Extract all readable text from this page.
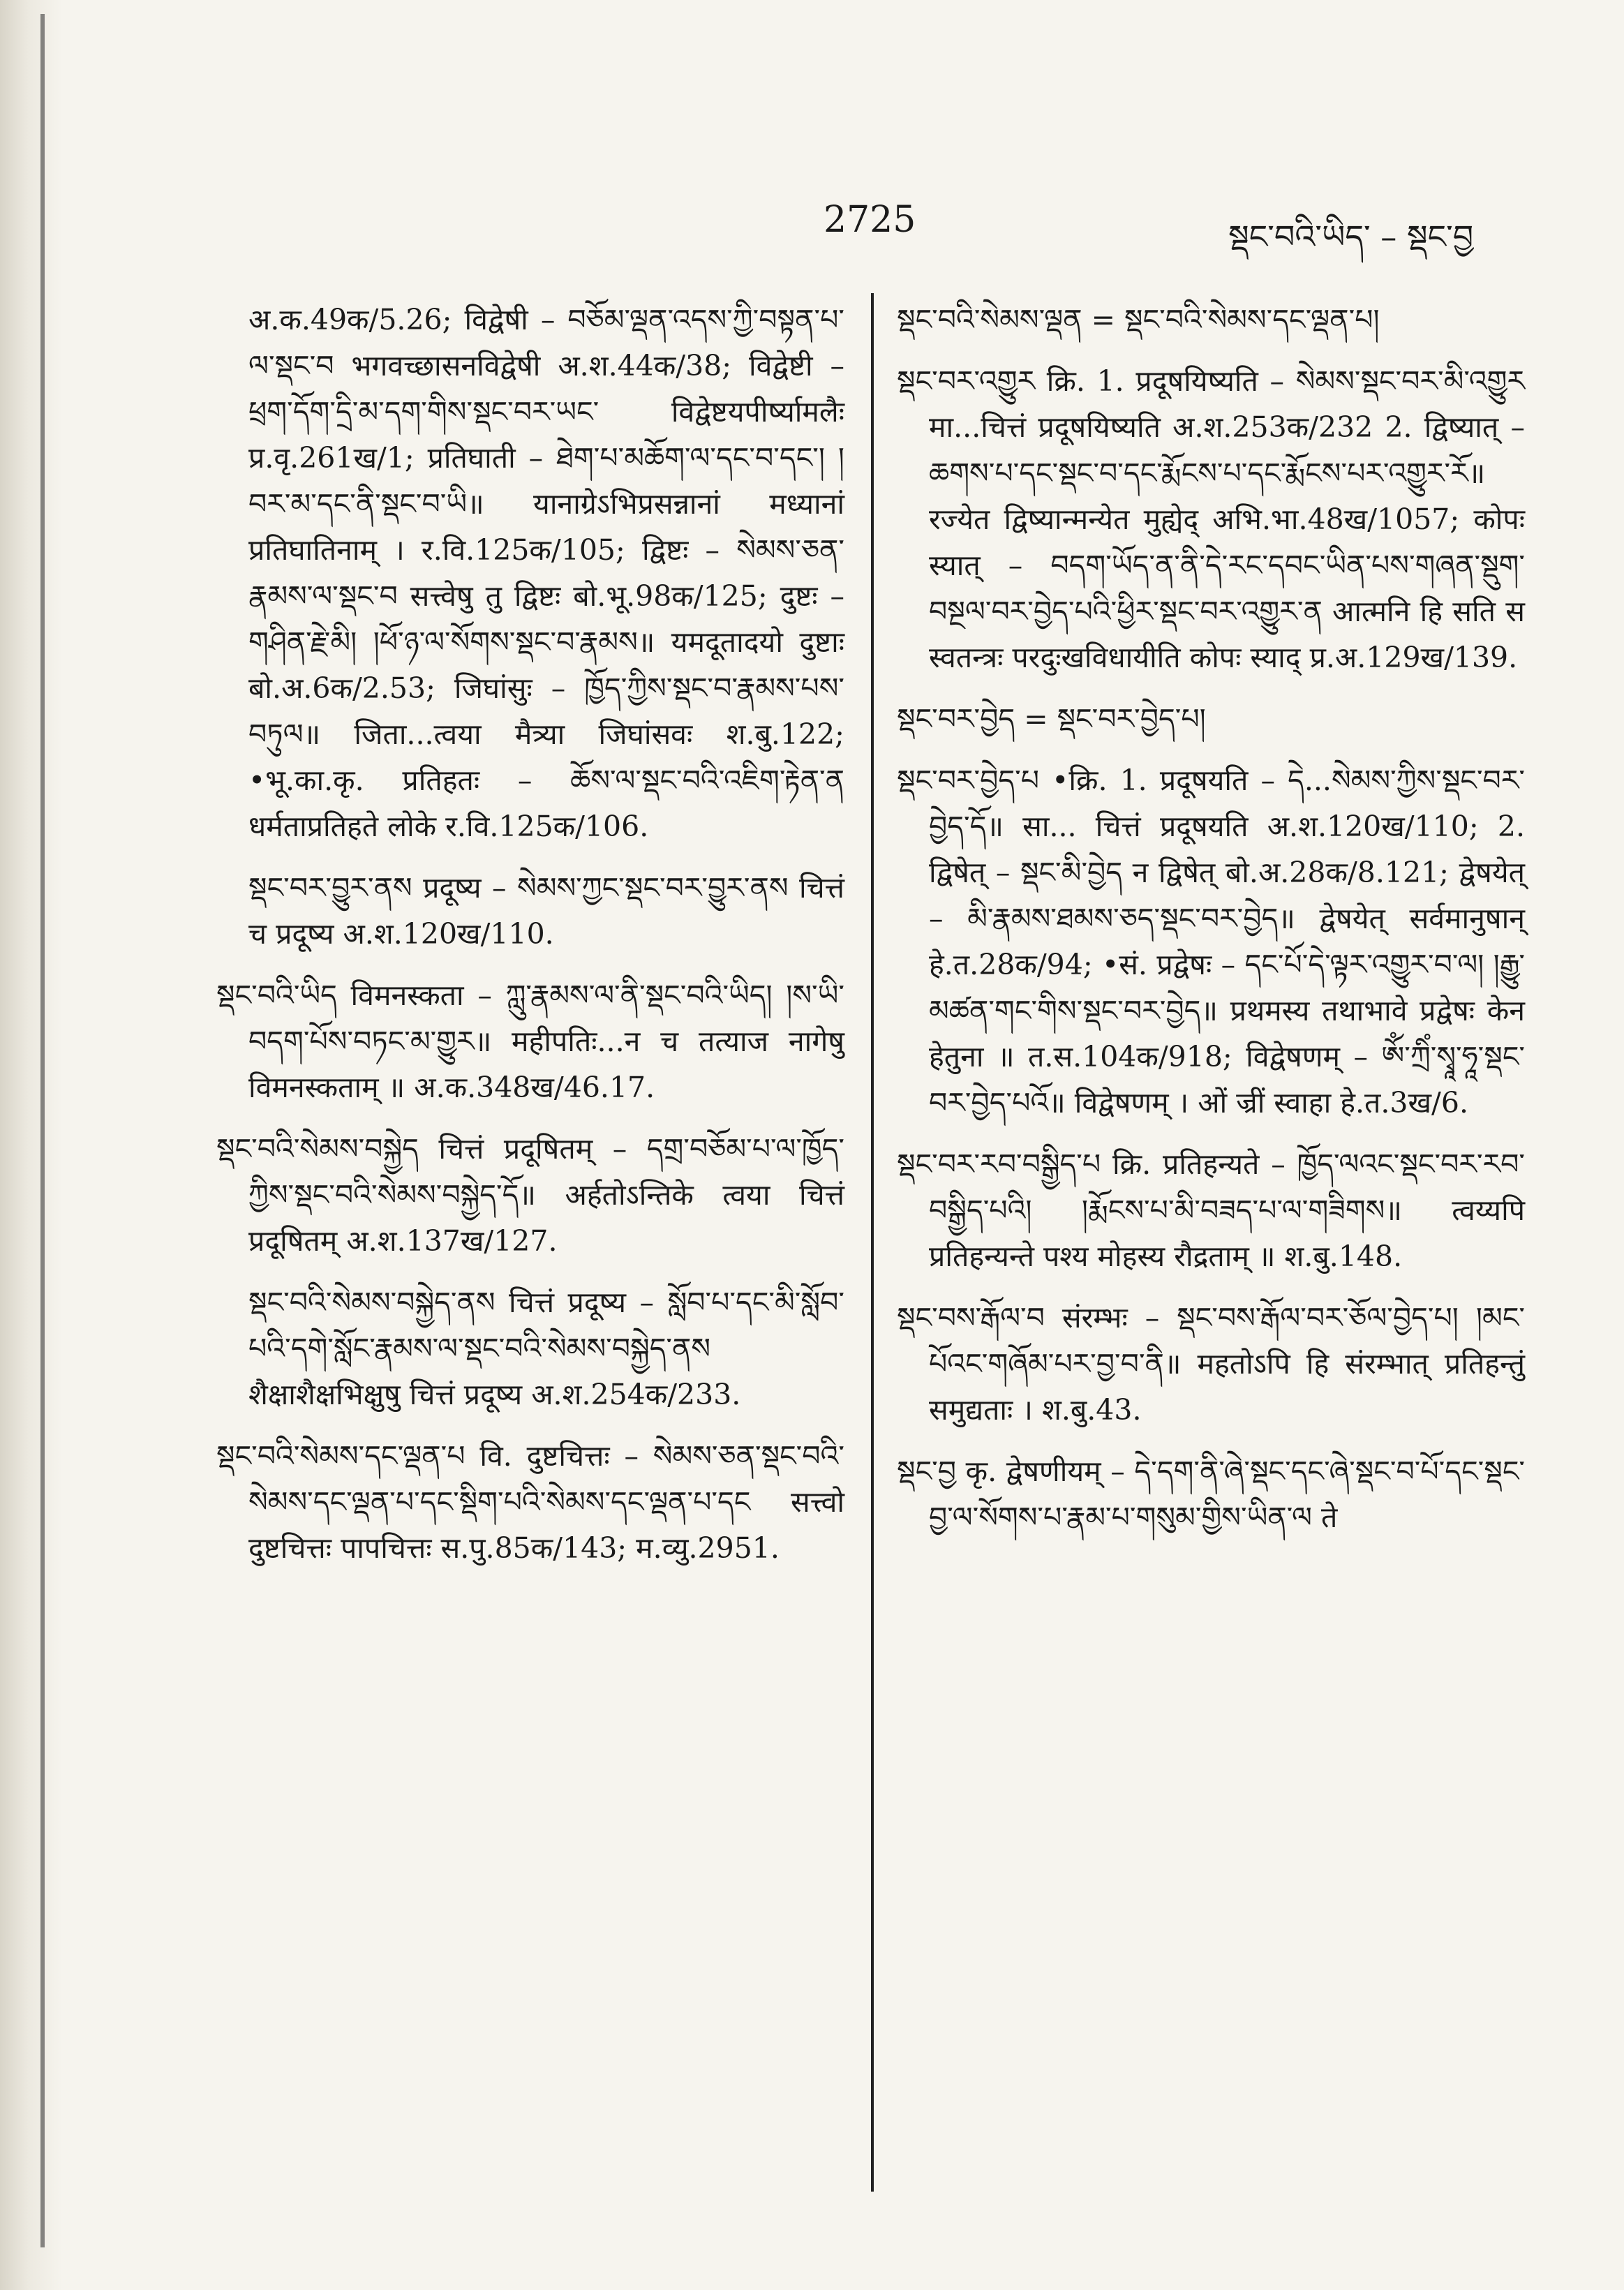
2725	སྡང་བའི་ཡིད་ – སྡང་བྱ

अ.क.49क/5.26; विद्वेषी – བཅོམ་ལྡན་འདས་ཀྱི་བསྟན་པ་ལ་སྡང་བ भगवच्छासनविद्वेषी अ.श.44क/38; विद्वेष्टी – ཕྲག་དོག་དྲི་མ་དག་གིས་སྡང་བར་ཡང་ विद्वेष्टयपीर्ष्यामलैः प्र.वृ.261ख/1; प्रतिघाती – ཐེག་པ་མཆོག་ལ་དང་བ་དང་། །བར་མ་དང་ནི་སྡང་བ་ཡི॥ यानाग्रेऽभिप्रसन्नानां मध्यानां प्रतिघातिनाम् । र.वि.125क/105; द्विष्टः – སེམས་ཅན་རྣམས་ལ་སྡང་བ सत्त्वेषु तु द्विष्टः बो.भू.98क/125; दुष्टः – གཤིན་རྗེ་མི། །ཕོ་ཉ་ལ་སོགས་སྡང་བ་རྣམས॥ यमदूतादयो दुष्टाः बो.अ.6क/2.53; जिघांसुः – ཁྱོད་ཀྱིས་སྡང་བ་རྣམས་པས་བཏུལ॥ जिता...त्वया मैत्र्या जिघांसवः श.बु.122; •भू.का.कृ. प्रतिहतः – ཆོས་ལ་སྡང་བའི་འཇིག་རྟེན་ན धर्मताप्रतिहते लोके र.वि.125क/106.

སྡང་བར་བྱུར་ནས प्रदूष्य – སེམས་ཀྱང་སྡང་བར་བྱུར་ནས चित्तं च प्रदूष्य अ.श.120ख/110.

སྡང་བའི་ཡིད विमनस्कता – ཀླུ་རྣམས་ལ་ནི་སྡང་བའི་ཡིད། །ས་ཡི་བདག་པོས་བཏང་མ་གྱུར॥ महीपतिः...न च तत्याज नागेषु विमनस्कताम् ॥ अ.क.348ख/46.17.

སྡང་བའི་སེམས་བསྐྱེད चित्तं प्रदूषितम् – དགྲ་བཅོམ་པ་ལ་ཁྱོད་ཀྱིས་སྡང་བའི་སེམས་བསྐྱེད་དོ॥ अर्हतोऽन्तिके त्वया चित्तं प्रदूषितम् अ.श.137ख/127.

སྡང་བའི་སེམས་བསྐྱེད་ནས चित्तं प्रदूष्य – སློབ་པ་དང་མི་སློབ་པའི་དགེ་སློང་རྣམས་ལ་སྡང་བའི་སེམས་བསྐྱེད་ནས शैक्षाशैक्षभिक्षुषु चित्तं प्रदूष्य अ.श.254क/233.

སྡང་བའི་སེམས་དང་ལྡན་པ वि. दुष्टचित्तः – སེམས་ཅན་སྡང་བའི་སེམས་དང་ལྡན་པ་དང་སྡིག་པའི་སེམས་དང་ལྡན་པ་དང सत्त्वो दुष्टचित्तः पापचित्तः स.पु.85क/143; म.व्यु.2951.

སྡང་བའི་སེམས་ལྡན = སྡང་བའི་སེམས་དང་ལྡན་པ།

སྡང་བར་འགྱུར क्रि. 1. प्रदूषयिष्यति – སེམས་སྡང་བར་མི་འགྱུར मा...चित्तं प्रदूषयिष्यति अ.श.253क/232 2. द्विष्यात् – ཆགས་པ་དང་སྡང་བ་དང་རྨོངས་པ་དང་རྨོངས་པར་འགྱུར་རོ॥ रज्येत द्विष्यान्मन्येत मुह्येद् अभि.भा.48ख/1057; कोपः स्यात् – བདག་ཡོད་ན་ནི་དེ་རང་དབང་ཡིན་པས་གཞན་སྡུག་བསྔལ་བར་བྱེད་པའི་ཕྱིར་སྡང་བར་འགྱུར་ན आत्मनि हि सति स स्वतन्त्रः परदुःखविधायीति कोपः स्याद् प्र.अ.129ख/139.

སྡང་བར་བྱེད = སྡང་བར་བྱེད་པ།

སྡང་བར་བྱེད་པ •क्रि. 1. प्रदूषयति – དེ...སེམས་ཀྱིས་སྡང་བར་བྱེད་དོ॥ सा... चित्तं प्रदूषयति अ.श.120ख/110; 2. द्विषेत् – སྡང་མི་བྱེད न द्विषेत् बो.अ.28क/8.121; द्वेषयेत् – མི་རྣམས་ཐམས་ཅད་སྡང་བར་བྱེད॥ द्वेषयेत् सर्वमानुषान् हे.त.28क/94; •सं. प्रद्वेषः – དང་པོ་དེ་ལྟར་འགྱུར་བ་ལ། །རྒྱུ་མཚན་གང་གིས་སྡང་བར་བྱེད॥ प्रथमस्य तथाभावे प्रद्वेषः केन हेतुना ॥ त.स.104क/918; विद्वेषणम् – ཨོཾ་ཀྲིཾ་སྭཱ་ཧཱ་སྡང་བར་བྱེད་པའོ॥ विद्वेषणम् । ओं ज्रीं स्वाहा हे.त.3ख/6.

སྡང་བར་རབ་བསྒྱིད་པ क्रि. प्रतिहन्यते – ཁྱོད་ལའང་སྡང་བར་རབ་བསྒྱིད་པའི། །རྨོངས་པ་མི་བཟད་པ་ལ་གཟིགས॥ त्वय्यपि प्रतिहन्यन्ते पश्य मोहस्य रौद्रताम् ॥ श.बु.148.

སྡང་བས་རྒོལ་བ संरम्भः – སྡང་བས་རྒོལ་བར་ཅོལ་བྱེད་པ། །མང་པོའང་གཞོམ་པར་བྱ་བ་ནི॥ महतोऽपि हि संरम्भात् प्रतिहन्तुं समुद्यताः । श.बु.43.

སྡང་བྱ कृ. द्वेषणीयम् – དེ་དག་ནི་ཞེ་སྡང་དང་ཞེ་སྡང་བ་པོ་དང་སྡང་བྱ་ལ་སོགས་པ་རྣམ་པ་གསུམ་གྱིས་ཡིན་ལ ते
